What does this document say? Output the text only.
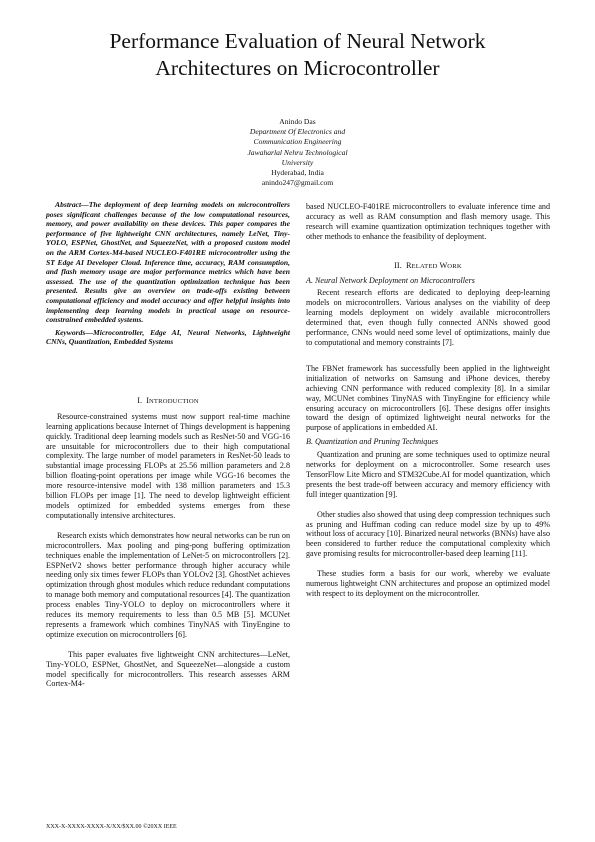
Performance Evaluation of Neural Network
Architectures on Microcontroller
Anindo Das
Department Of Electronics and
Communication Engineering
Jawaharlal Nehru Technological
University
Hyderabad, India
anindo247@gmail.com

Abstract—The deployment of deep learning models on microcontrollers poses significant challenges because of the low computational resources, memory, and power availability on these devices. This paper compares the performance of five lightweight CNN architectures, namely LeNet, Tiny-YOLO, ESPNet, GhostNet, and SqueezeNet, with a proposed custom model on the ARM Cortex-M4-based NUCLEO-F401RE microcontroller using the ST Edge AI Developer Cloud. Inference time, accuracy, RAM consumption, and flash memory usage are major performance metrics which have been assessed. The use of the quantization optimization technique has been presented. Results give an overview on trade-offs existing between computational efficiency and model accuracy and offer helpful insights into implementing deep learning models in practical usage on resource-constrained embedded systems.

Keywords—Microcontroller, Edge AI, Neural Networks, Lightweight CNNs, Quantization, Embedded Systems

I. INTRODUCTION

Resource-constrained systems must now support real-time machine learning applications because Internet of Things development is happening quickly. Traditional deep learning models such as ResNet-50 and VGG-16 are unsuitable for microcontrollers due to their high computational complexity. The large number of model parameters in ResNet-50 leads to substantial image processing FLOPs at 25.56 million parameters and 2.8 billion floating-point operations per image while VGG-16 becomes the more resource-intensive model with 138 million parameters and 15.3 billion FLOPs per image [1]. The need to develop lightweight efficient models optimized for embedded systems emerges from these computationally intensive architectures.

Research exists which demonstrates how neural networks can be run on microcontrollers. Max pooling and ping-pong buffering optimization techniques enable the implementation of LeNet-5 on microcontrollers [2]. ESPNetV2 shows better performance through higher accuracy while needing only six times fewer FLOPs than YOLOv2 [3]. GhostNet achieves optimization through ghost modules which reduce redundant computations to manage both memory and computational resources [4]. The quantization process enables Tiny-YOLO to deploy on microcontrollers where it reduces its memory requirements to less than 0.5 MB [5]. MCUNet represents a framework which combines TinyNAS with TinyEngine to optimize execution on microcontrollers [6].

This paper evaluates five lightweight CNN architectures—LeNet, Tiny-YOLO, ESPNet, GhostNet, and SqueezeNet—alongside a custom model specifically for microcontrollers. This research assesses ARM Cortex-M4-

based NUCLEO-F401RE microcontrollers to evaluate inference time and accuracy as well as RAM consumption and flash memory usage. This research will examine quantization optimization techniques together with other methods to enhance the feasibility of deployment.

II. RELATED WORK

A. Neural Network Deployment on Microcontrollers

Recent research efforts are dedicated to deploying deep-learning models on microcontrollers. Various analyses on the viability of deep learning models deployment on widely available microcontrollers determined that, even though fully connected ANNs showed good performance, CNNs would need some level of optimizations, mainly due to computational and memory constraints [7].

The FBNet framework has successfully been applied in the lightweight initialization of networks on Samsung and iPhone devices, thereby achieving CNN performance with reduced complexity [8]. In a similar way, MCUNet combines TinyNAS with TinyEngine for efficiency while ensuring accuracy on microcontrollers [6]. These designs offer insights toward the design of optimized lightweight neural networks for the purpose of applications in embedded AI.

B. Quantization and Pruning Techniques

Quantization and pruning are some techniques used to optimize neural networks for deployment on a microcontroller. Some research uses TensorFlow Lite Micro and STM32Cube.AI for model quantization, which presents the best trade-off between accuracy and memory efficiency with full integer quantization [9].

Other studies also showed that using deep compression techniques such as pruning and Huffman coding can reduce model size by up to 49% without loss of accuracy [10]. Binarized neural networks (BNNs) have also been considered to further reduce the computational complexity which gave promising results for microcontroller-based deep learning [11].

These studies form a basis for our work, whereby we evaluate numerous lightweight CNN architectures and propose an optimized model with respect to its deployment on the microcontroller.

XXX-X-XXXX-XXXX-X/XX/$XX.00 ©20XX IEEE
